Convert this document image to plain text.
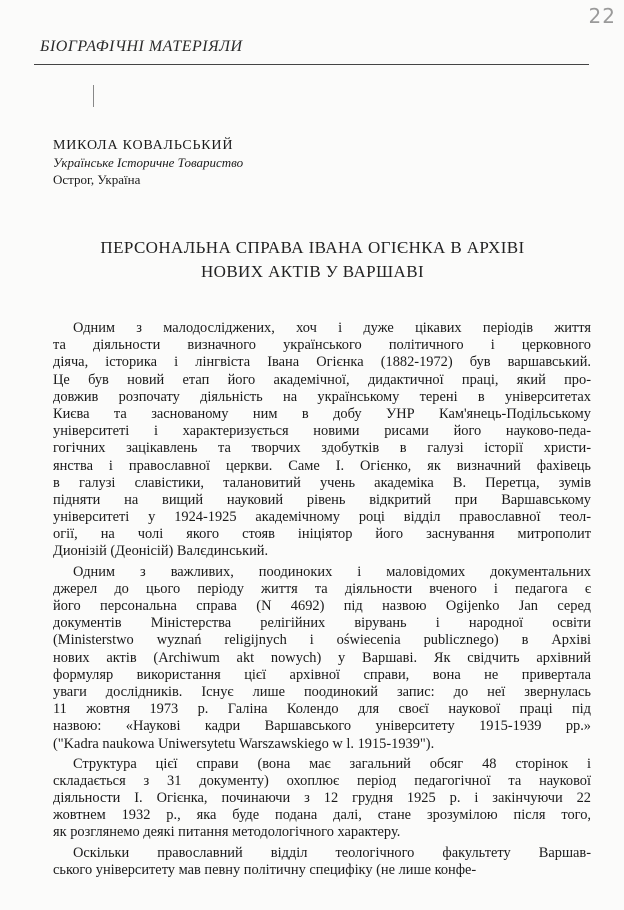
22
БІОГРАФІЧНІ МАТЕРІЯЛИ
МИКОЛА КОВАЛЬСЬКИЙ
Українське Історичне Товариство
Острог, Україна
ПЕРСОНАЛЬНА СПРАВА ІВАНА ОГІЄНКА В АРХІВІ
НОВИХ АКТІВ У ВАРШАВІ
Одним з малодосліджених, хоч і дуже цікавих періодів життя
та діяльности визначного українського політичного і церковного
діяча, історика і лінгвіста Івана Огієнка (1882-1972) був варшавський.
Це був новий етап його академічної, дидактичної праці, який про-
довжив розпочату діяльність на українському терені в університетах
Києва та заснованому ним в добу УНР Кам'янець-Подільському
університеті і характеризується новими рисами його науково-педа-
гогічних зацікавлень та творчих здобутків в галузі історії христи-
янства і православної церкви. Саме І. Огієнко, як визначний фахівець
в галузі славістики, талановитий учень академіка В. Перетца, зумів
підняти на вищий науковий рівень відкритий при Варшавському
університеті у 1924-1925 академічному році відділ православної теол-
огії, на чолі якого стояв ініціятор його заснування митрополит
Дионізій (Деонісій) Валєдинський.
Одним з важливих, поодиноких і маловідомих документальних
джерел до цього періоду життя та діяльности вченого і педагога є
його персональна справа (N 4692) під назвою Ogijenko Jan серед
документів Міністерства релігійних вірувань і народної освіти
(Ministerstwo wyznań religijnych i oświecenia publicznego) в Архіві
нових актів (Archiwum akt nowych) у Варшаві. Як свідчить архівний
формуляр використання цієї архівної справи, вона не привертала
уваги дослідників. Існує лише поодинокий запис: до неї звернулась
11 жовтня 1973 р. Галіна Колендо для своєї наукової праці під
назвою: «Наукові кадри Варшавського університету 1915-1939 рр.»
("Kadra naukowa Uniwersytetu Warszawskiego w l. 1915-1939").
Структура цієї справи (вона має загальний обсяг 48 сторінок і
складається з 31 документу) охоплює період педагогічної та наукової
діяльности І. Огієнка, починаючи з 12 грудня 1925 р. і закінчуючи 22
жовтнем 1932 р., яка буде подана далі, стане зрозумілою після того,
як розглянемо деякі питання методологічного характеру.
Оскільки православний відділ теологічного факультету Варшав-
ського університету мав певну політичну специфіку (не лише конфе-
